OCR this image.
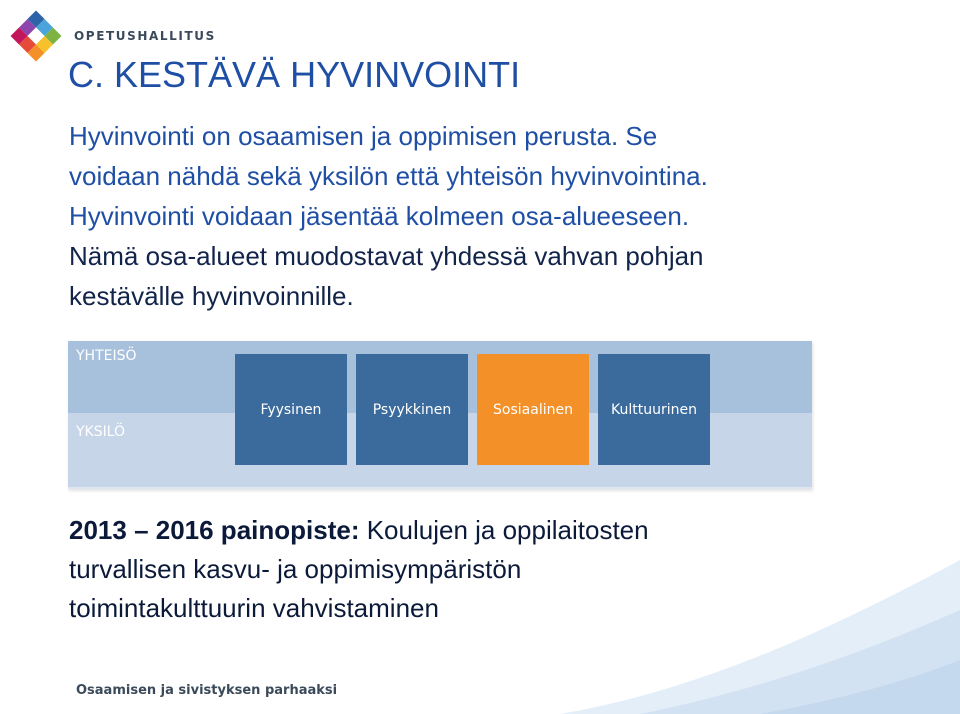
OPETUSHALLITUS
C. KESTÄVÄ HYVINVOINTI

Hyvinvointi on osaamisen ja oppimisen perusta. Se
voidaan nähdä sekä yksilön että yhteisön hyvinvointina.
Hyvinvointi voidaan jäsentää kolmeen osa-alueeseen.
Nämä osa-alueet muodostavat yhdessä vahvan pohjan
kestävälle hyvinvoinnille.

YHTEISÖ
YKSILÖ
Fyysinen	Psyykkinen	Sosiaalinen	Kulttuurinen

2013 – 2016 painopiste: Koulujen ja oppilaitosten
turvallisen kasvu- ja oppimisympäristön
toimintakulttuurin vahvistaminen

Osaamisen ja sivistyksen parhaaksi
